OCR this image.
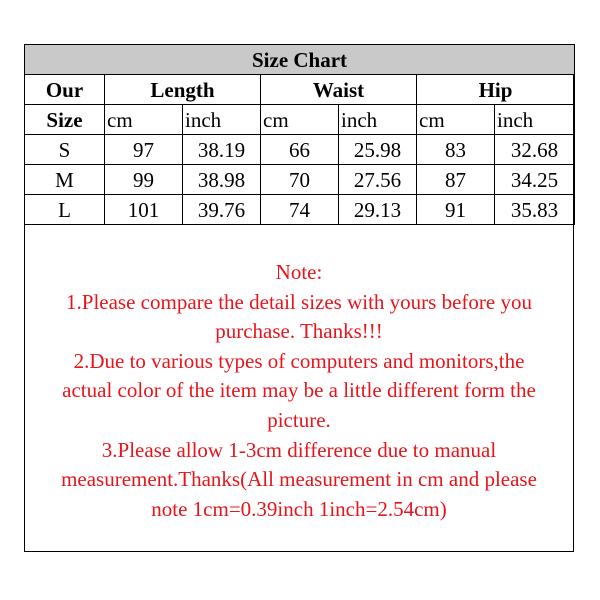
Size Chart						
Our	Length		Waist		Hip	
Size	cm	inch	cm	inch	cm	inch
S	97	38.19	66	25.98	83	32.68
M	99	38.98	70	27.56	87	34.25
L	101	39.76	74	29.13	91	35.83
Note:
1.Please compare the detail sizes with yours before you
purchase. Thanks!!!
2.Due to various types of computers and monitors,the
actual color of the item may be a little different form the
picture.
3.Please allow 1-3cm difference due to manual
measurement.Thanks(All measurement in cm and please
note 1cm=0.39inch 1inch=2.54cm)
